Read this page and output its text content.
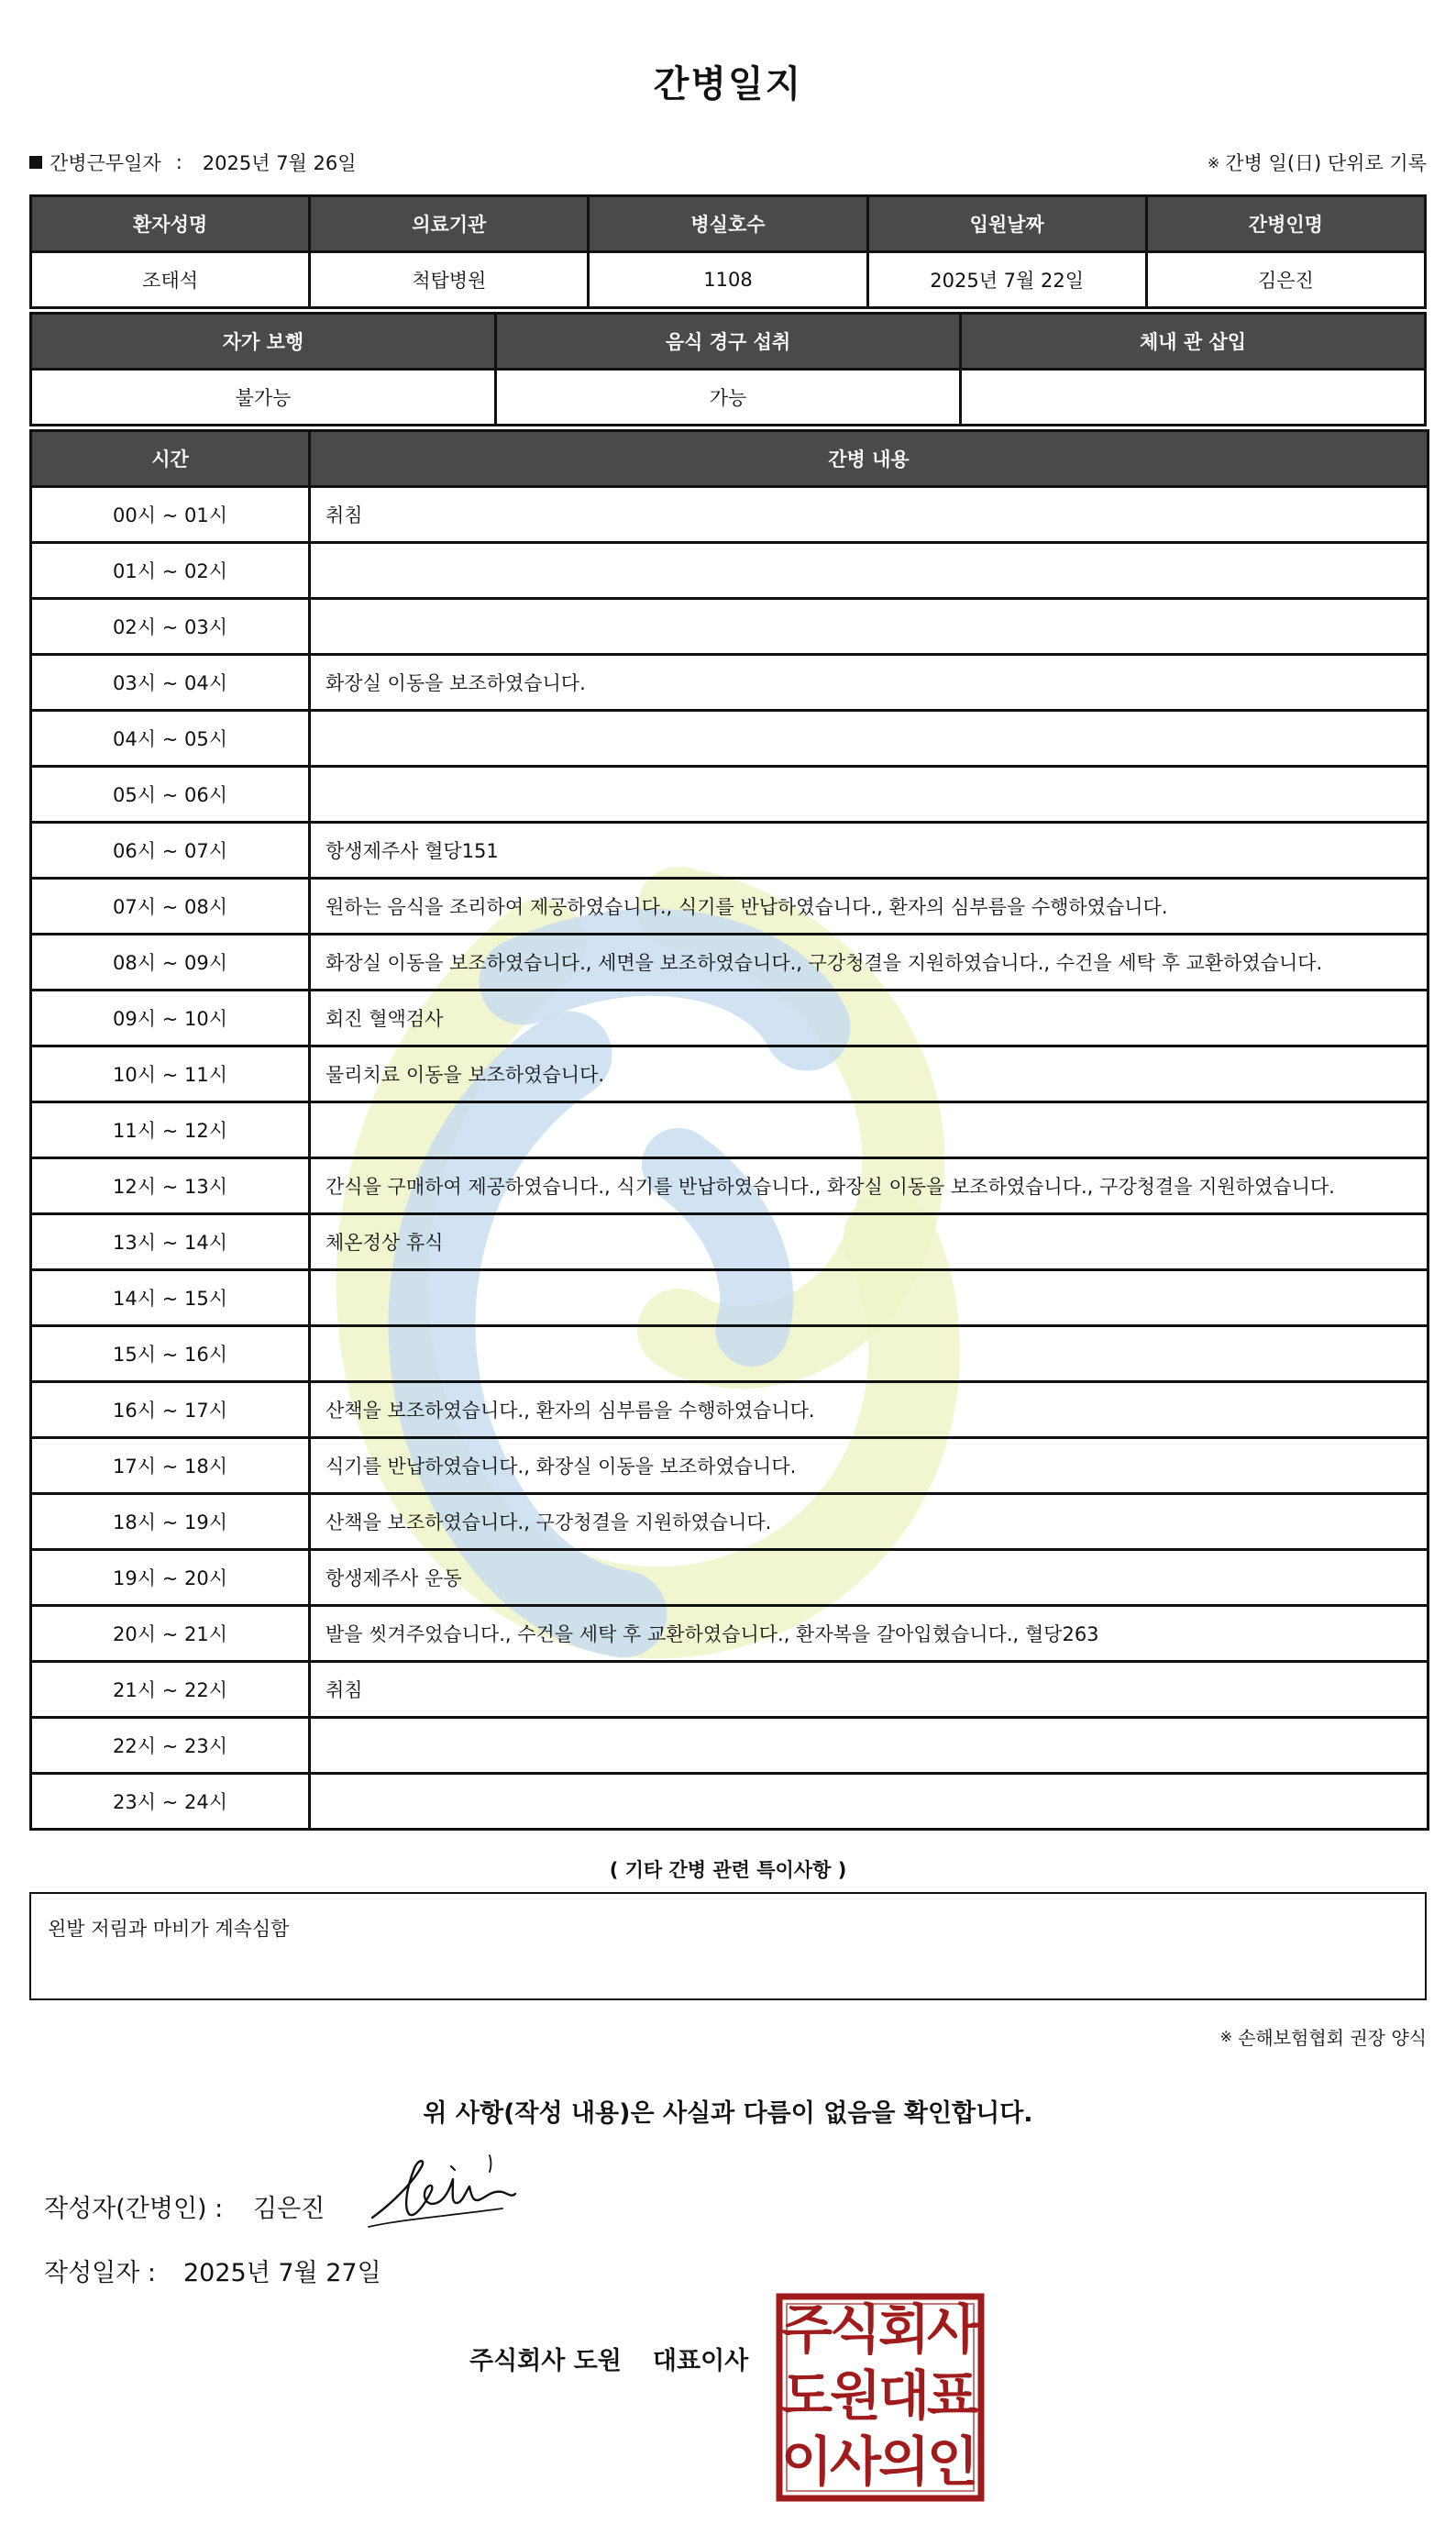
간병일지
간병근무일자 : 2025년 7월 26일	※ 간병 일(日) 단위로 기록
환자성명	의료기관	병실호수	입원날짜	간병인명
조태석	척탑병원	1108	2025년 7월 22일	김은진
자가 보행	음식 경구 섭취	체내 관 삽입
불가능	가능	
시간	간병 내용
00시 ~ 01시	취침
01시 ~ 02시	
02시 ~ 03시	
03시 ~ 04시	화장실 이동을 보조하였습니다.
04시 ~ 05시	
05시 ~ 06시	
06시 ~ 07시	항생제주사 혈당151
07시 ~ 08시	원하는 음식을 조리하여 제공하였습니다., 식기를 반납하였습니다., 환자의 심부름을 수행하였습니다.
08시 ~ 09시	화장실 이동을 보조하였습니다., 세면을 보조하였습니다., 구강청결을 지원하였습니다., 수건을 세탁 후 교환하였습니다.
09시 ~ 10시	회진 혈액검사
10시 ~ 11시	물리치료 이동을 보조하였습니다.
11시 ~ 12시	
12시 ~ 13시	간식을 구매하여 제공하였습니다., 식기를 반납하였습니다., 화장실 이동을 보조하였습니다., 구강청결을 지원하였습니다.
13시 ~ 14시	체온정상 휴식
14시 ~ 15시	
15시 ~ 16시	
16시 ~ 17시	산책을 보조하였습니다., 환자의 심부름을 수행하였습니다.
17시 ~ 18시	식기를 반납하였습니다., 화장실 이동을 보조하였습니다.
18시 ~ 19시	산책을 보조하였습니다., 구강청결을 지원하였습니다.
19시 ~ 20시	항생제주사 운동
20시 ~ 21시	발을 씻겨주었습니다., 수건을 세탁 후 교환하였습니다., 환자복을 갈아입혔습니다., 혈당263
21시 ~ 22시	취침
22시 ~ 23시	
23시 ~ 24시	
( 기타 간병 관련 특이사항 )
왼발 저림과 마비가 계속심함
※ 손해보험협회 권장 양식
위 사항(작성 내용)은 사실과 다름이 없음을 확인합니다.
작성자(간병인) :	김은진
작성일자 :	2025년 7월 27일
주식회사 도원 대표이사
주
식
회
사
도
원
대
표
이
사
의
인
